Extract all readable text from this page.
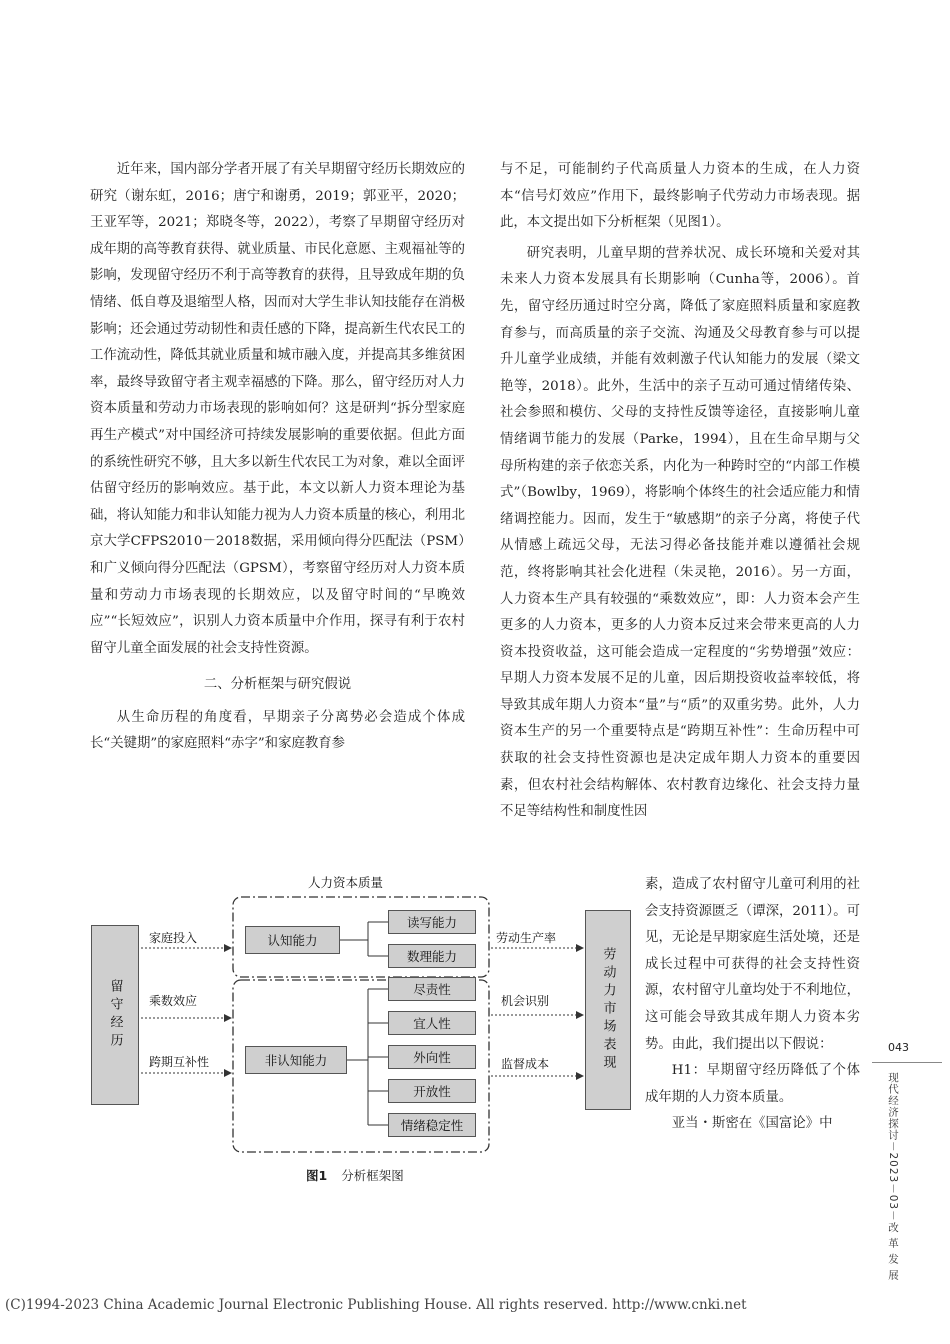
近年来，国内部分学者开展了有关早期留守经历长期效应的研究（谢东虹，2016；唐宁和谢勇，2019；郭亚平，2020；王亚军等，2021；郑晓冬等，2022），考察了早期留守经历对成年期的高等教育获得、就业质量、市民化意愿、主观福祉等的影响，发现留守经历不利于高等教育的获得，且导致成年期的负情绪、低自尊及退缩型人格，因而对大学生非认知技能存在消极影响；还会通过劳动韧性和责任感的下降，提高新生代农民工的工作流动性，降低其就业质量和城市融入度，并提高其多维贫困率，最终导致留守者主观幸福感的下降。那么，留守经历对人力资本质量和劳动力市场表现的影响如何？这是研判“拆分型家庭再生产模式”对中国经济可持续发展影响的重要依据。但此方面的系统性研究不够，且大多以新生代农民工为对象，难以全面评估留守经历的影响效应。基于此，本文以新人力资本理论为基础，将认知能力和非认知能力视为人力资本质量的核心，利用北京大学CFPS2010－2018数据，采用倾向得分匹配法（PSM）和广义倾向得分匹配法（GPSM），考察留守经历对人力资本质量和劳动力市场表现的长期效应，以及留守时间的“早晚效应”“长短效应”，识别人力资本质量中介作用，探寻有利于农村留守儿童全面发展的社会支持性资源。

二、分析框架与研究假说

从生命历程的角度看，早期亲子分离势必会造成个体成长“关键期”的家庭照料“赤字”和家庭教育参

与不足，可能制约子代高质量人力资本的生成，在人力资本“信号灯效应”作用下，最终影响子代劳动力市场表现。据此，本文提出如下分析框架（见图1）。

研究表明，儿童早期的营养状况、成长环境和关爱对其未来人力资本发展具有长期影响（Cunha等，2006）。首先，留守经历通过时空分离，降低了家庭照料质量和家庭教育参与，而高质量的亲子交流、沟通及父母教育参与可以提升儿童学业成绩，并能有效刺激子代认知能力的发展（梁文艳等，2018）。此外，生活中的亲子互动可通过情绪传染、社会参照和模仿、父母的支持性反馈等途径，直接影响儿童情绪调节能力的发展（Parke，1994），且在生命早期与父母所构建的亲子依恋关系，内化为一种跨时空的“内部工作模式”（Bowlby，1969），将影响个体终生的社会适应能力和情绪调控能力。因而，发生于“敏感期”的亲子分离，将使子代从情感上疏远父母，无法习得必备技能并难以遵循社会规范，终将影响其社会化进程（朱灵艳，2016）。另一方面，人力资本生产具有较强的“乘数效应”，即：人力资本会产生更多的人力资本，更多的人力资本反过来会带来更高的人力资本投资收益，这可能会造成一定程度的“劣势增强”效应：早期人力资本发展不足的儿童，因后期投资收益率较低，将导致其成年期人力资本“量”与“质”的双重劣势。此外，人力资本生产的另一个重要特点是“跨期互补性”：生命历程中可获取的社会支持性资源也是决定成年期人力资本的重要因素，但农村社会结构解体、农村教育边缘化、社会支持力量不足等结构性和制度性因

素，造成了农村留守儿童可利用的社会支持资源匮乏（谭深，2011）。可见，无论是早期家庭生活处境，还是成长过程中可获得的社会支持性资源，农村留守儿童均处于不利地位，这可能会导致其成年期人力资本劣势。由此，我们提出以下假说：

H1：早期留守经历降低了个体成年期的人力资本质量。

亚当・斯密在《国富论》中

人力资本质量
留守经历	劳动力市场表现
家庭投入
乘数效应
跨期互补性
认知能力
读写能力
数理能力
非认知能力
尽责性
宜人性
外向性
开放性
情绪稳定性
劳动生产率
机会识别
监督成本
图1 分析框架图
043
现代经济探讨－2023－03－改 革 发 展
(C)1994-2023 China Academic Journal Electronic Publishing House. All rights reserved. http://www.cnki.net
